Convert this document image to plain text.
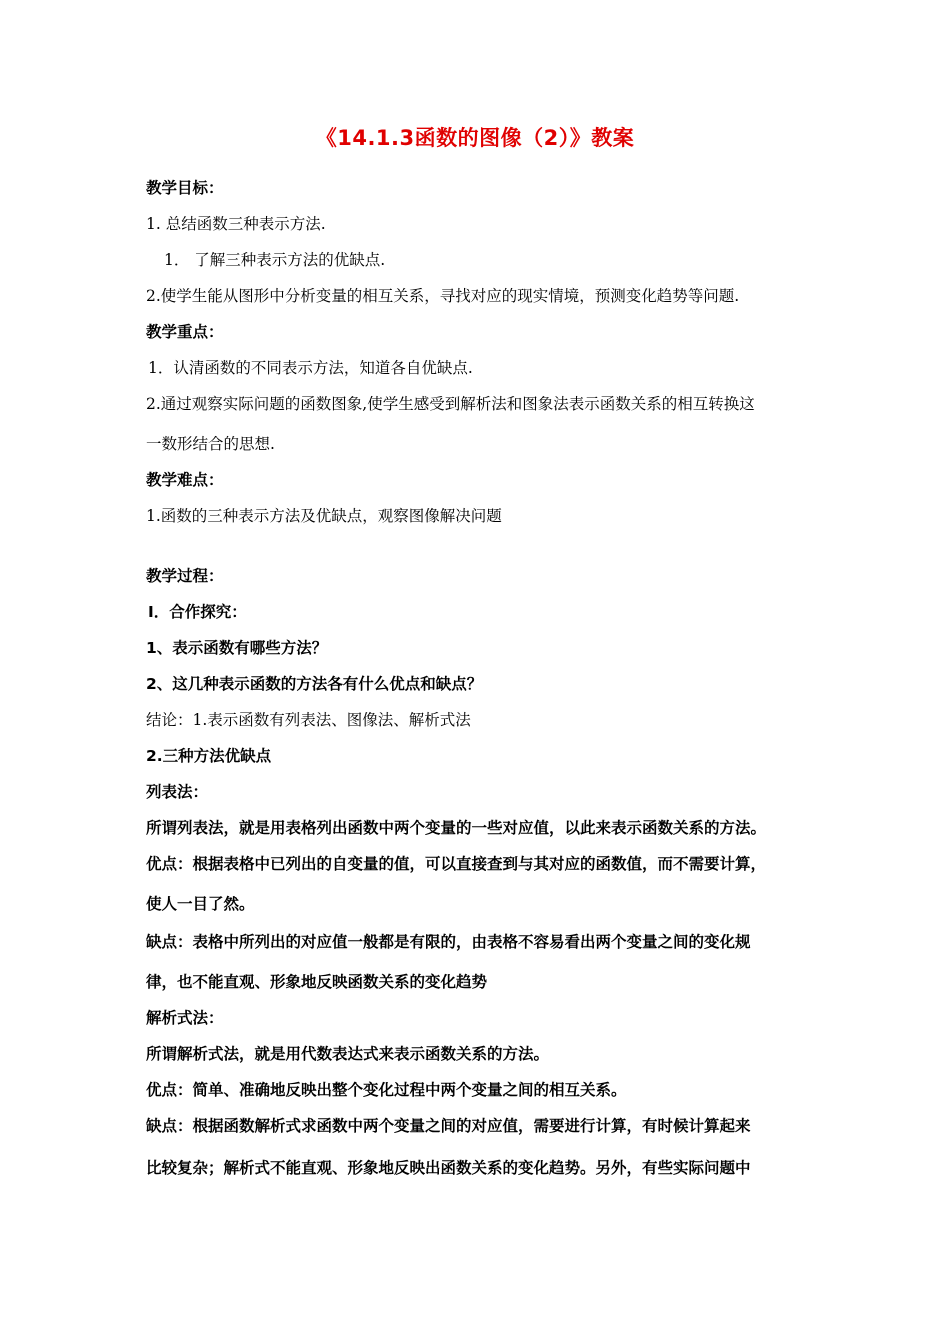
《14.1.3函数的图像（2）》教案
教学目标：
1. 总结函数三种表示方法.
1． 了解三种表示方法的优缺点.
2.使学生能从图形中分析变量的相互关系，寻找对应的现实情境，预测变化趋势等问题.
教学重点：
1．认清函数的不同表示方法，知道各自优缺点.
2.通过观察实际问题的函数图象,使学生感受到解析法和图象法表示函数关系的相互转换这
一数形结合的思想.
教学难点：
1.函数的三种表示方法及优缺点，观察图像解决问题
教学过程：
Ⅰ．合作探究：
1、表示函数有哪些方法？
2、这几种表示函数的方法各有什么优点和缺点？
结论：1.表示函数有列表法、图像法、解析式法
2.三种方法优缺点
列表法：
所谓列表法，就是用表格列出函数中两个变量的一些对应值，以此来表示函数关系的方法。
优点：根据表格中已列出的自变量的值，可以直接查到与其对应的函数值，而不需要计算，
使人一目了然。
缺点：表格中所列出的对应值一般都是有限的，由表格不容易看出两个变量之间的变化规
律，也不能直观、形象地反映函数关系的变化趋势
解析式法：
所谓解析式法，就是用代数表达式来表示函数关系的方法。
优点：简单、准确地反映出整个变化过程中两个变量之间的相互关系。
缺点：根据函数解析式求函数中两个变量之间的对应值，需要进行计算，有时候计算起来
比较复杂；解析式不能直观、形象地反映出函数关系的变化趋势。另外，有些实际问题中
